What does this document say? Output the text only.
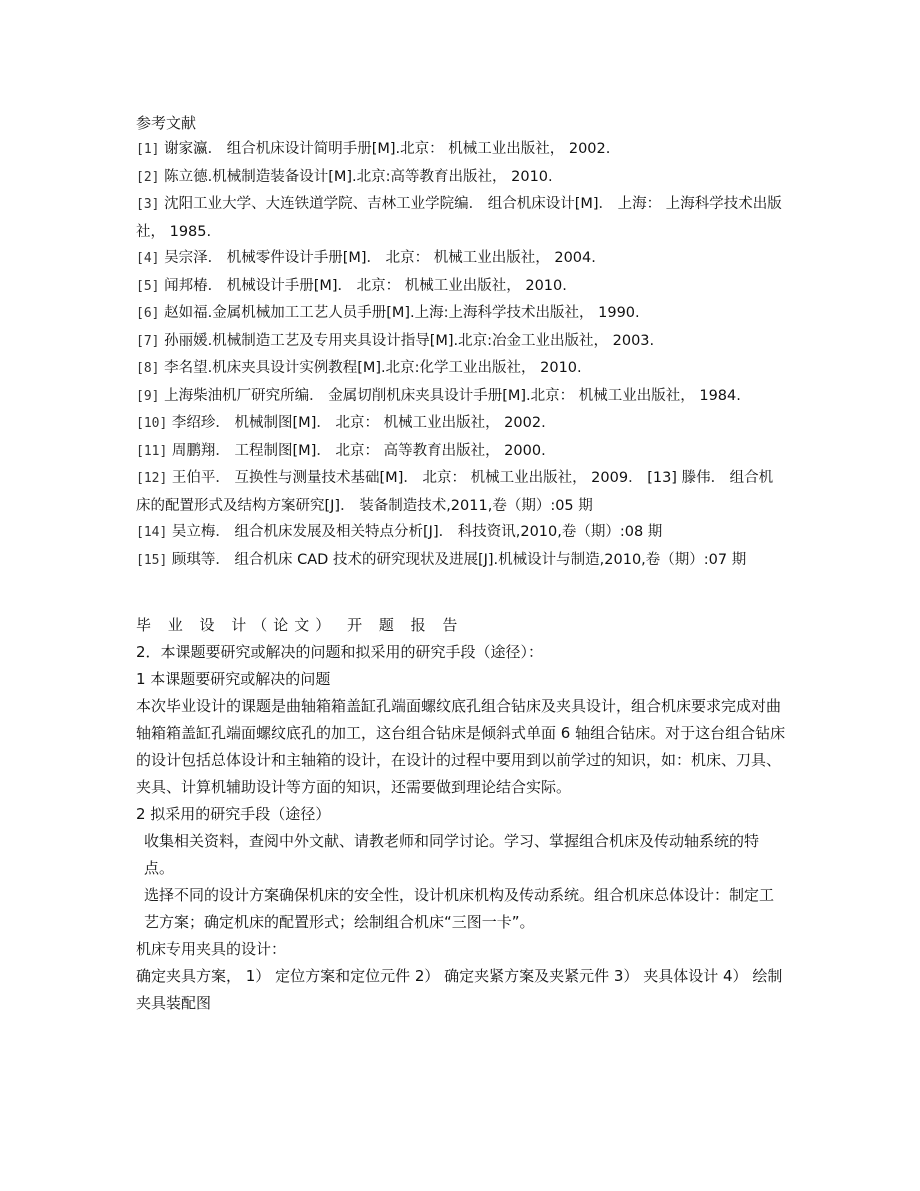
参考文献

[1] 谢家瀛． 组合机床设计简明手册[M].北京： 机械工业出版社， 2002.

[2] 陈立德.机械制造装备设计[M].北京:高等教育出版社， 2010.

[3] 沈阳工业大学、大连铁道学院、吉林工业学院编． 组合机床设计[M]． 上海： 上海科学技术出版社， 1985.

[4] 吴宗泽． 机械零件设计手册[M]． 北京： 机械工业出版社， 2004.

[5] 闻邦椿． 机械设计手册[M]． 北京： 机械工业出版社， 2010.

[6] 赵如福.金属机械加工工艺人员手册[M].上海:上海科学技术出版社， 1990.

[7] 孙丽媛.机械制造工艺及专用夹具设计指导[M].北京:冶金工业出版社， 2003.

[8] 李名望.机床夹具设计实例教程[M].北京:化学工业出版社， 2010.

[9] 上海柴油机厂研究所编． 金属切削机床夹具设计手册[M].北京： 机械工业出版社， 1984.

[10] 李绍珍． 机械制图[M]． 北京： 机械工业出版社， 2002.

[11] 周鹏翔． 工程制图[M]． 北京： 高等教育出版社， 2000.

[12] 王伯平． 互换性与测量技术基础[M]． 北京： 机械工业出版社， 2009． [13] 滕伟． 组合机床的配置形式及结构方案研究[J]． 装备制造技术,2011,卷（期）:05 期

[14] 吴立梅． 组合机床发展及相关特点分析[J]． 科技资讯,2010,卷（期）:08 期

[15] 顾琪等． 组合机床 CAD 技术的研究现状及进展[J].机械设计与制造,2010,卷（期）:07 期

毕 业 设 计（论文） 开 题 报 告

2．本课题要研究或解决的问题和拟采用的研究手段（途径）：

1 本课题要研究或解决的问题

本次毕业设计的课题是曲轴箱箱盖缸孔端面螺纹底孔组合钻床及夹具设计，组合机床要求完成对曲轴箱箱盖缸孔端面螺纹底孔的加工，这台组合钻床是倾斜式单面 6 轴组合钻床。对于这台组合钻床的设计包括总体设计和主轴箱的设计，在设计的过程中要用到以前学过的知识，如：机床、刀具、夹具、计算机辅助设计等方面的知识，还需要做到理论结合实际。

2 拟采用的研究手段（途径）

收集相关资料，查阅中外文献、请教老师和同学讨论。学习、掌握组合机床及传动轴系统的特点。

选择不同的设计方案确保机床的安全性，设计机床机构及传动系统。组合机床总体设计：制定工艺方案；确定机床的配置形式；绘制组合机床“三图一卡”。

机床专用夹具的设计：

确定夹具方案， 1） 定位方案和定位元件 2） 确定夹紧方案及夹紧元件 3） 夹具体设计 4） 绘制夹具装配图
